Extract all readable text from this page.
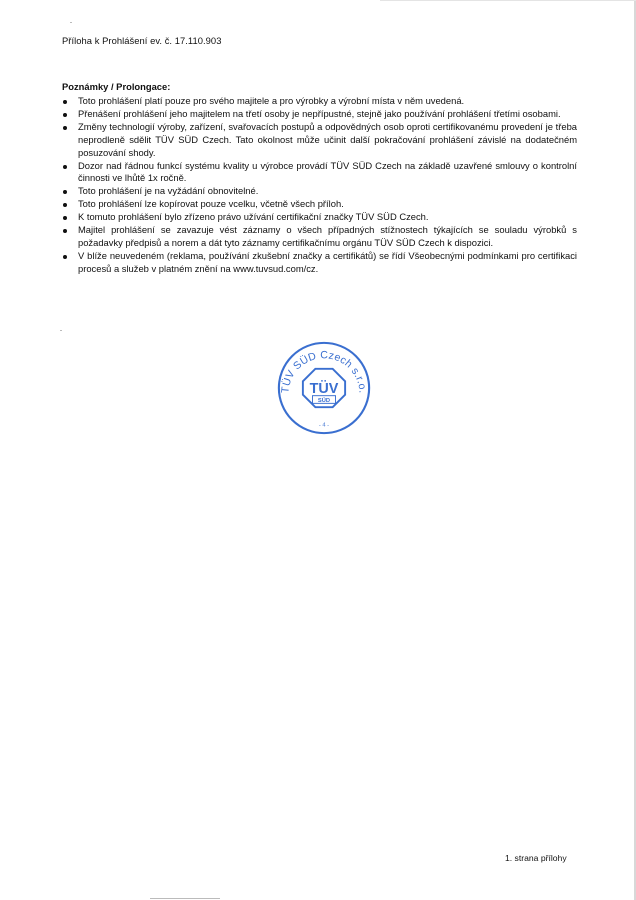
Příloha k Prohlášení ev. č. 17.110.903
Poznámky / Prolongace:
Toto prohlášení platí pouze pro svého majitele a pro výrobky a výrobní místa v něm uvedená.
Přenášení prohlášení jeho majitelem na třetí osoby je nepřípustné, stejně jako používání prohlášení třetími osobami.
Změny technologií výroby, zařízení, svařovacích postupů a odpovědných osob oproti certifikovanému provedení je třeba neprodleně sdělit TÜV SÜD Czech. Tato okolnost může učinit další pokračování prohlášení závislé na dodatečném posuzování shody.
Dozor nad řádnou funkcí systému kvality u výrobce provádí TÜV SÜD Czech na základě uzavřené smlouvy o kontrolní činnosti ve lhůtě 1x ročně.
Toto prohlášení je na vyžádání obnovitelné.
Toto prohlášení lze kopírovat pouze vcelku, včetně všech příloh.
K tomuto prohlášení bylo zřízeno právo užívání certifikační značky TÜV SÜD Czech.
Majitel prohlášení se zavazuje vést záznamy o všech případných stížnostech týkajících se souladu výrobků s požadavky předpisů a norem a dát tyto záznamy certifikačnímu orgánu TÜV SÜD Czech k dispozici.
V blíže neuvedeném (reklama, používání zkušební značky a certifikátů) se řídí Všeobecnými podmínkami pro certifikaci procesů a služeb v platném znění na www.tuvsud.com/cz.
TÜV SÜD Czech s.r.o.
TÜV
SÜD
- 4 -
1. strana přílohy
